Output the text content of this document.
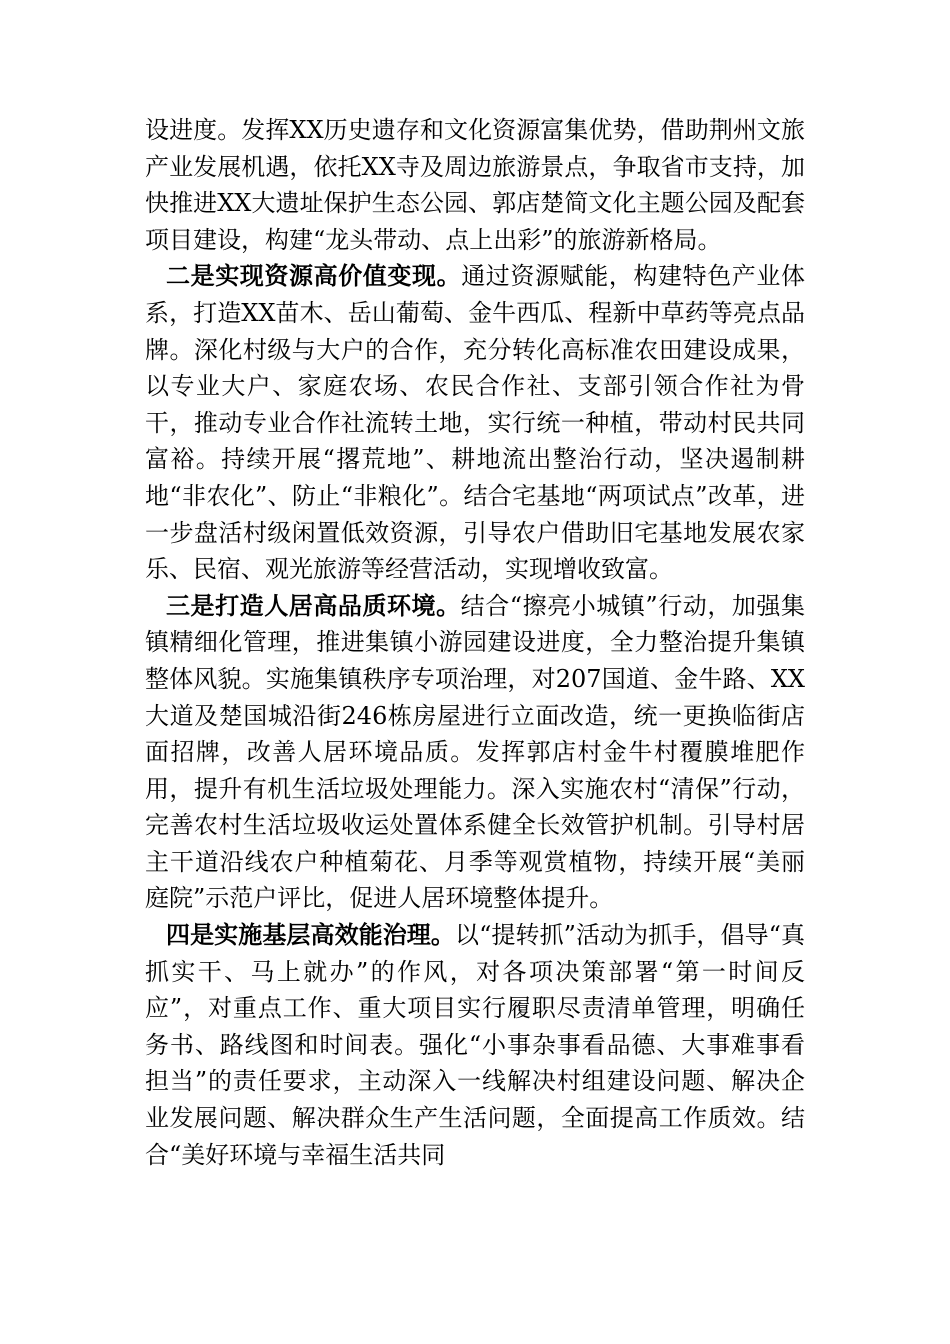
设进度。发挥XX历史遗存和文化资源富集优势，借助荆州文旅产业发展机遇，依托XX寺及周边旅游景点，争取省市支持，加快推进XX大遗址保护生态公园、郭店楚简文化主题公园及配套项目建设，构建“龙头带动、点上出彩”的旅游新格局。

二是实现资源高价值变现。通过资源赋能，构建特色产业体系，打造XX苗木、岳山葡萄、金牛西瓜、程新中草药等亮点品牌。深化村级与大户的合作，充分转化高标准农田建设成果，以专业大户、家庭农场、农民合作社、支部引领合作社为骨干，推动专业合作社流转土地，实行统一种植，带动村民共同富裕。持续开展“撂荒地”、耕地流出整治行动，坚决遏制耕地“非农化”、防止“非粮化”。结合宅基地“两项试点”改革，进一步盘活村级闲置低效资源，引导农户借助旧宅基地发展农家乐、民宿、观光旅游等经营活动，实现增收致富。

三是打造人居高品质环境。结合“擦亮小城镇”行动，加强集镇精细化管理，推进集镇小游园建设进度，全力整治提升集镇整体风貌。实施集镇秩序专项治理，对207国道、金牛路、XX大道及楚国城沿街246栋房屋进行立面改造，统一更换临街店面招牌，改善人居环境品质。发挥郭店村金牛村覆膜堆肥作用，提升有机生活垃圾处理能力。深入实施农村“清保”行动，完善农村生活垃圾收运处置体系健全长效管护机制。引导村居主干道沿线农户种植菊花、月季等观赏植物，持续开展“美丽庭院”示范户评比，促进人居环境整体提升。

四是实施基层高效能治理。以“提转抓”活动为抓手，倡导“真抓实干、马上就办”的作风，对各项决策部署“第一时间反应”，对重点工作、重大项目实行履职尽责清单管理，明确任务书、路线图和时间表。强化“小事杂事看品德、大事难事看担当”的责任要求，主动深入一线解决村组建设问题、解决企业发展问题、解决群众生产生活问题，全面提高工作质效。结合“美好环境与幸福生活共同
